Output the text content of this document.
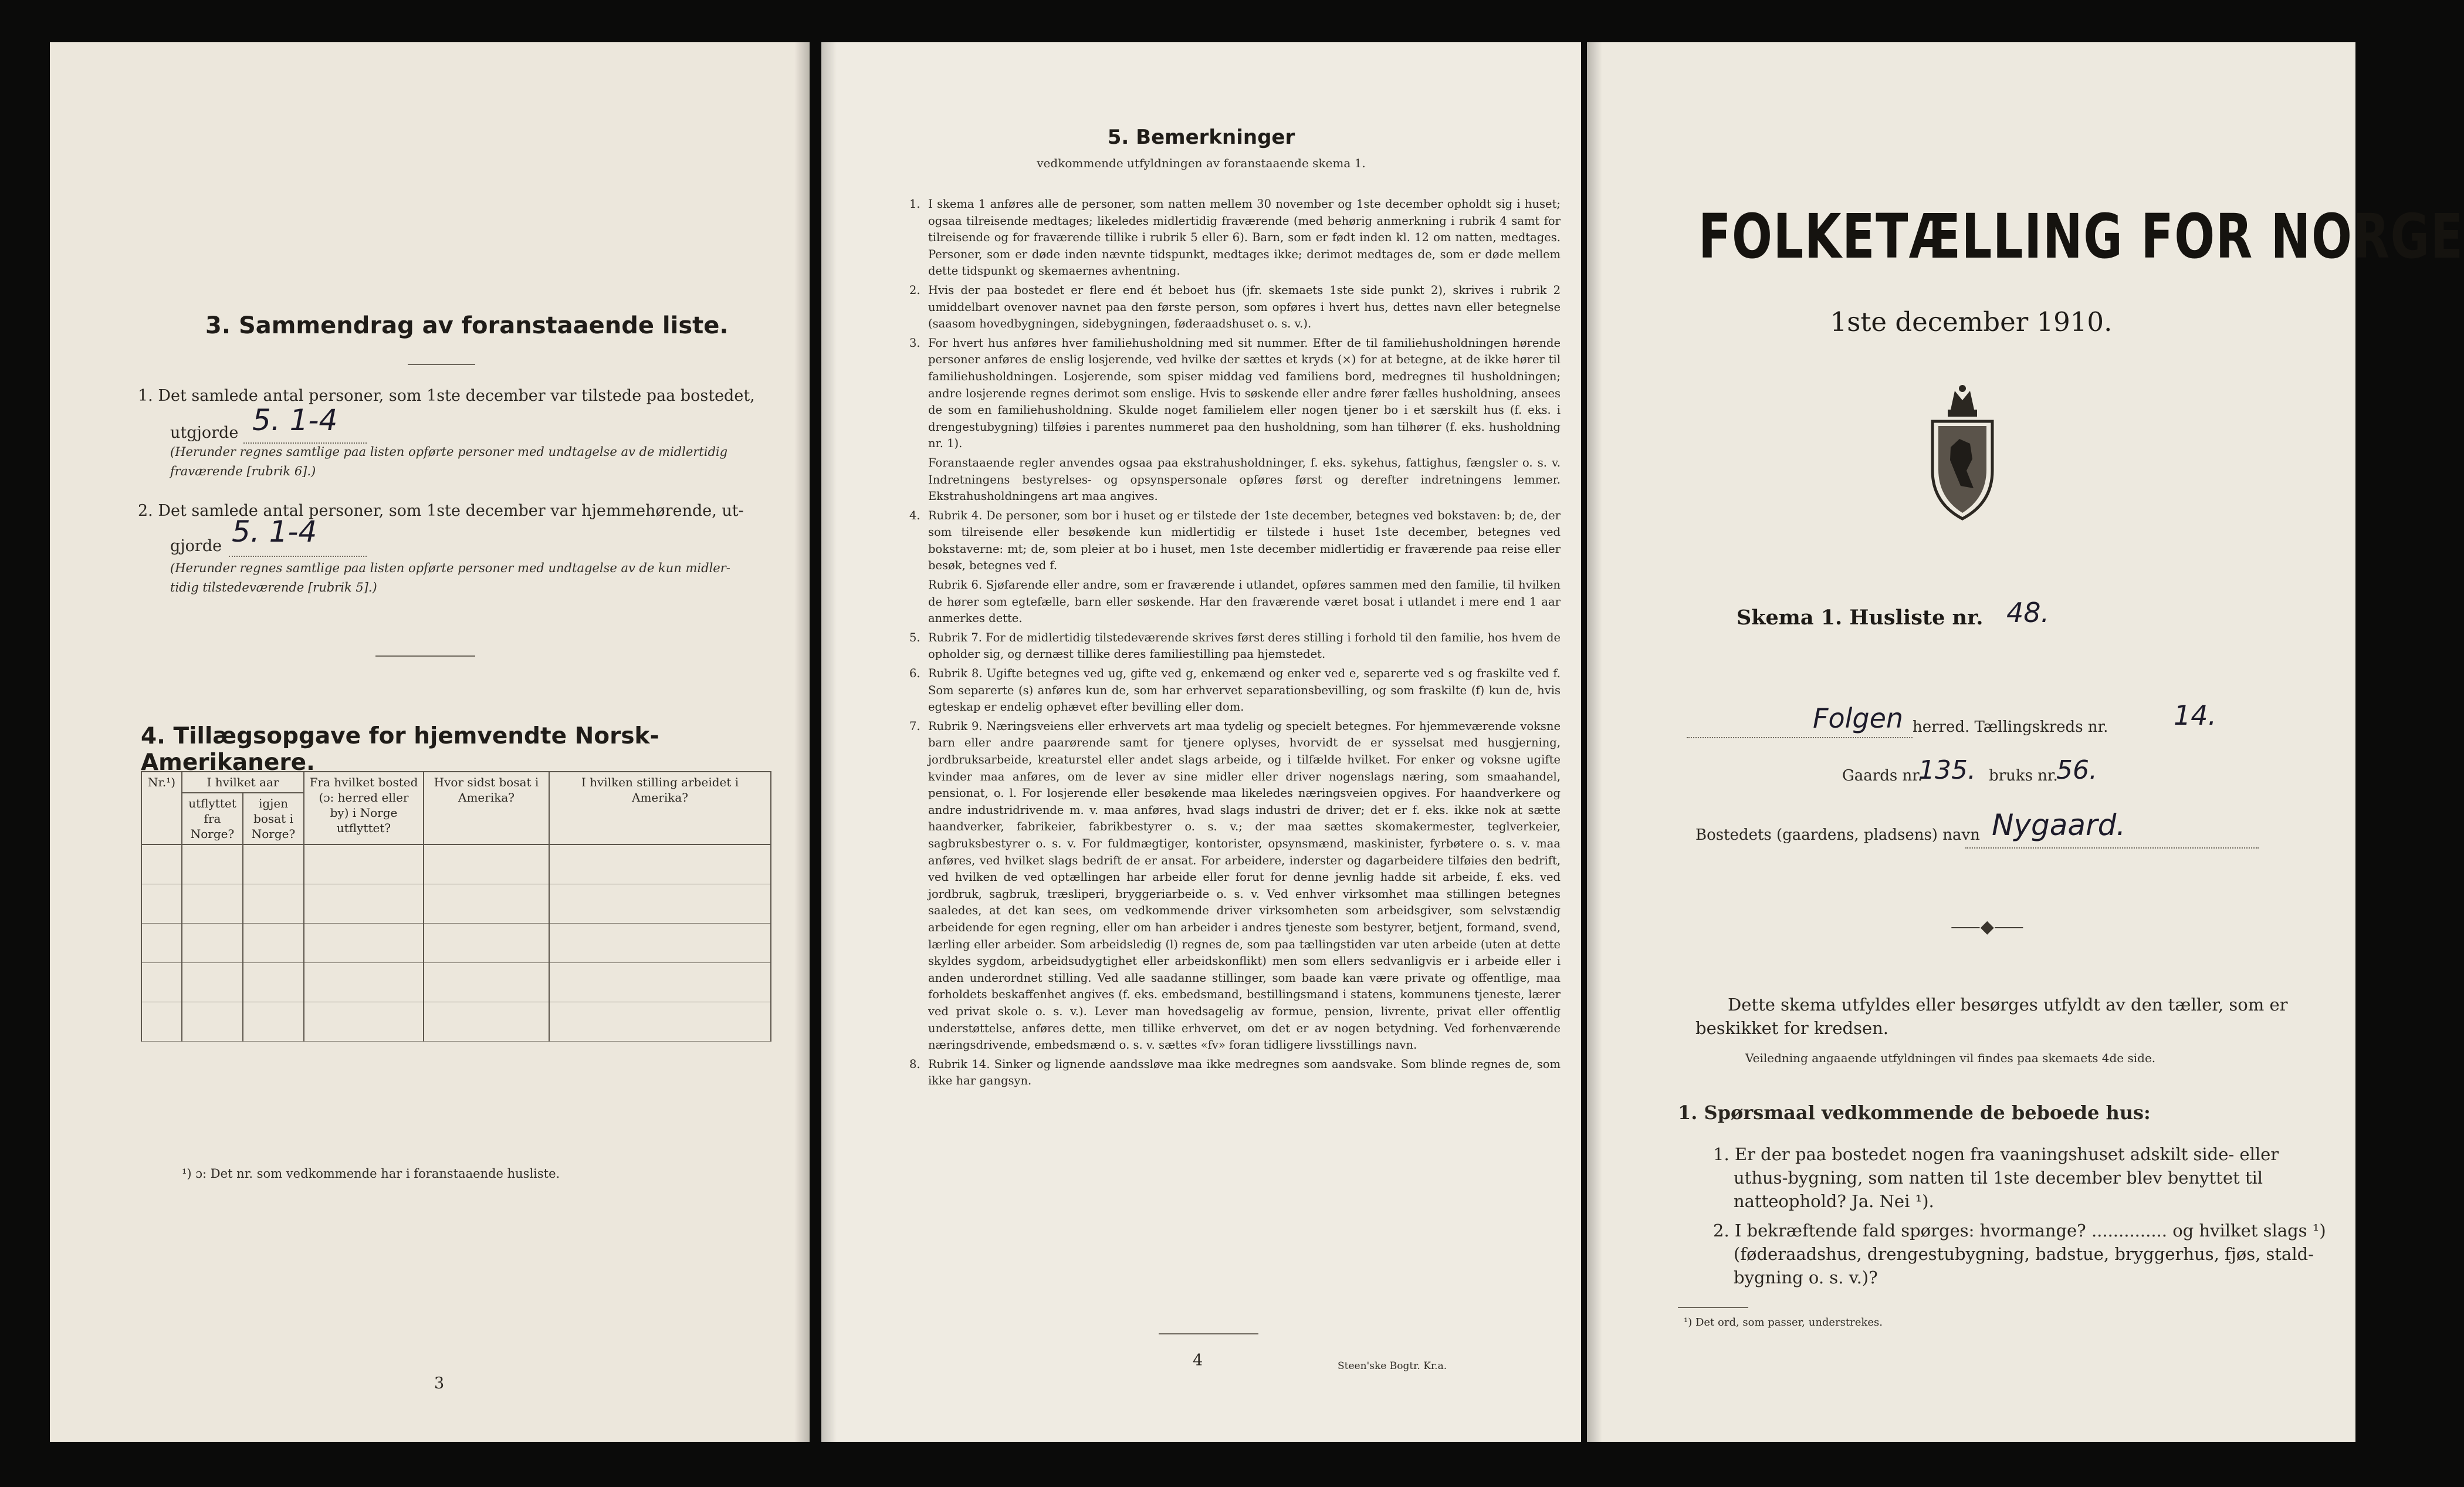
3. Sammendrag av foranstaaende liste.
1. Det samlede antal personer, som 1ste december var tilstede paa bostedet,
utgjorde 5. 1-4
(Herunder regnes samtlige paa listen opførte personer med undtagelse av de midlertidig
fraværende [rubrik 6].)
2. Det samlede antal personer, som 1ste december var hjemmehørende, ut-
gjorde 5. 1-4
(Herunder regnes samtlige paa listen opførte personer med undtagelse av de kun midler-
tidig tilstedeværende [rubrik 5].)
4. Tillægsopgave for hjemvendte Norsk-Amerikanere.
Nr.¹)	I hvilket aar		Fra hvilket bosted (ɔ: herred eller by) i Norge utflyttet?	Hvor sidst bosat i Amerika?	I hvilken stilling arbeidet i Amerika?
	utflyttet fra Norge?	igjen bosat i Norge?			

¹) ɔ: Det nr. som vedkommende har i foranstaaende husliste.
3
5. Bemerkninger
vedkommende utfyldningen av foranstaaende skema 1.
1. I skema 1 anføres alle de personer, som natten mellem 30 november og 1ste december opholdt sig i huset; ogsaa tilreisende medtages; likeledes midlertidig fraværende (med behørig anmerkning i rubrik 4 samt for tilreisende og for fraværende tillike i rubrik 5 eller 6). Barn, som er født inden kl. 12 om natten, medtages. Personer, som er døde inden nævnte tidspunkt, medtages ikke; derimot medtages de, som er døde mellem dette tidspunkt og skemaernes avhentning.
2. Hvis der paa bostedet er flere end ét beboet hus (jfr. skemaets 1ste side punkt 2), skrives i rubrik 2 umiddelbart ovenover navnet paa den første person, som opføres i hvert hus, dettes navn eller betegnelse (saasom hovedbygningen, sidebygningen, føderaadshuset o. s. v.).
3. For hvert hus anføres hver familiehusholdning med sit nummer. Efter de til familiehusholdningen hørende personer anføres de enslig losjerende, ved hvilke der sættes et kryds (×) for at betegne, at de ikke hører til familiehusholdningen. Losjerende, som spiser middag ved familiens bord, medregnes til husholdningen; andre losjerende regnes derimot som enslige. Hvis to søskende eller andre fører fælles husholdning, ansees de som en familiehusholdning. Skulde noget familielem eller nogen tjener bo i et særskilt hus (f. eks. i drengestubygning) tilføies i parentes nummeret paa den husholdning, som han tilhører (f. eks. husholdning nr. 1).
Foranstaaende regler anvendes ogsaa paa ekstrahusholdninger, f. eks. sykehus, fattighus, fængsler o. s. v. Indretningens bestyrelses- og opsynspersonale opføres først og derefter indretningens lemmer. Ekstrahusholdningens art maa angives.
4. Rubrik 4. De personer, som bor i huset og er tilstede der 1ste december, betegnes ved bokstaven: b; de, der som tilreisende eller besøkende kun midlertidig er tilstede i huset 1ste december, betegnes ved bokstaverne: mt; de, som pleier at bo i huset, men 1ste december midlertidig er fraværende paa reise eller besøk, betegnes ved f.
Rubrik 6. Sjøfarende eller andre, som er fraværende i utlandet, opføres sammen med den familie, til hvilken de hører som egtefælle, barn eller søskende. Har den fraværende været bosat i utlandet i mere end 1 aar anmerkes dette.
5. Rubrik 7. For de midlertidig tilstedeværende skrives først deres stilling i forhold til den familie, hos hvem de opholder sig, og dernæst tillike deres familiestilling paa hjemstedet.
6. Rubrik 8. Ugifte betegnes ved ug, gifte ved g, enkemænd og enker ved e, separerte ved s og fraskilte ved f. Som separerte (s) anføres kun de, som har erhvervet separationsbevilling, og som fraskilte (f) kun de, hvis egteskap er endelig ophævet efter bevilling eller dom.
7. Rubrik 9. Næringsveiens eller erhvervets art maa tydelig og specielt betegnes. For hjemmeværende voksne barn eller andre paarørende samt for tjenere oplyses, hvorvidt de er sysselsat med husgjerning, jordbruksarbeide, kreaturstel eller andet slags arbeide, og i tilfælde hvilket. For enker og voksne ugifte kvinder maa anføres, om de lever av sine midler eller driver nogenslags næring, som smaahandel, pensionat, o. l. For losjerende eller besøkende maa likeledes næringsveien opgives. For haandverkere og andre industridrivende m. v. maa anføres, hvad slags industri de driver; det er f. eks. ikke nok at sætte haandverker, fabrikeier, fabrikbestyrer o. s. v.; der maa sættes skomakermester, teglverkeier, sagbruksbestyrer o. s. v. For fuldmægtiger, kontorister, opsynsmænd, maskinister, fyrbøtere o. s. v. maa anføres, ved hvilket slags bedrift de er ansat. For arbeidere, inderster og dagarbeidere tilføies den bedrift, ved hvilken de ved optællingen har arbeide eller forut for denne jevnlig hadde sit arbeide, f. eks. ved jordbruk, sagbruk, træsliperi, bryggeriarbeide o. s. v. Ved enhver virksomhet maa stillingen betegnes saaledes, at det kan sees, om vedkommende driver virksomheten som arbeidsgiver, som selvstændig arbeidende for egen regning, eller om han arbeider i andres tjeneste som bestyrer, betjent, formand, svend, lærling eller arbeider. Som arbeidsledig (l) regnes de, som paa tællingstiden var uten arbeide (uten at dette skyldes sygdom, arbeidsudygtighet eller arbeidskonflikt) men som ellers sedvanligvis er i arbeide eller i anden underordnet stilling. Ved alle saadanne stillinger, som baade kan være private og offentlige, maa forholdets beskaffenhet angives (f. eks. embedsmand, bestillingsmand i statens, kommunens tjeneste, lærer ved privat skole o. s. v.). Lever man hovedsagelig av formue, pension, livrente, privat eller offentlig understøttelse, anføres dette, men tillike erhvervet, om det er av nogen betydning. Ved forhenværende næringsdrivende, embedsmænd o. s. v. sættes «fv» foran tidligere livsstillings navn.
8. Rubrik 14. Sinker og lignende aandssløve maa ikke medregnes som aandsvake. Som blinde regnes de, som ikke har gangsyn.
4	Steen'ske Bogtr. Kr.a.
FOLKETÆLLING FOR NORGE
1ste december 1910.
Skema 1. Husliste nr. 48.
Folgen herred. Tællingskreds nr. 14.
Gaards nr.
135. bruks nr.
56.
Bostedets (gaardens, pladsens) navn Nygaard.
⸺◆⸺
Dette skema utfyldes eller besørges utfyldt av den tæller, som er
beskikket for kredsen.
Veiledning angaaende utfyldningen vil findes paa skemaets 4de side.
1. Spørsmaal vedkommende de beboede hus:
1. Er der paa bostedet nogen fra vaaningshuset adskilt side- eller
uthus-bygning, som natten til 1ste december blev benyttet til
natteophold? Ja. Nei ¹).
2. I bekræftende fald spørges: hvormange? .............. og hvilket slags ¹)
(føderaadshus, drengestubygning, badstue, bryggerhus, fjøs, stald-
bygning o. s. v.)?
¹) Det ord, som passer, understrekes.
